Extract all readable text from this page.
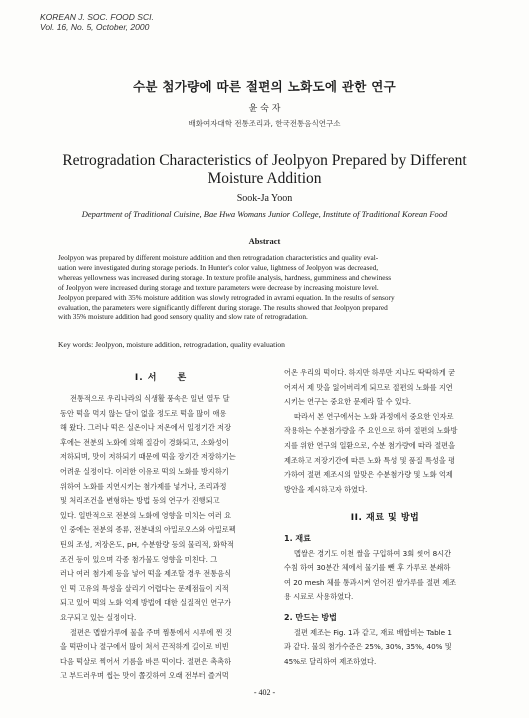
KOREAN J. SOC. FOOD SCI.
Vol. 16, No. 5, October, 2000
수분 첨가량에 따른 절편의 노화도에 관한 연구
윤 숙 자
배화여자대학 전통조리과, 한국전통음식연구소
Retrogradation Characteristics of Jeolpyon Prepared by Different
Moisture Addition
Sook-Ja Yoon
Department of Traditional Cuisine, Bae Hwa Womans Junior College, Institute of Traditional Korean Food
Abstract
Jeolpyon was prepared by different moisture addition and then retrogradation characteristics and quality eval-
uation were investigated during storage periods. In Hunter's color value, lightness of Jeolpyon was decreased,
whereas yellowness was increased during storage. In texture profile analysis, hardness, gumminess and chewiness
of Jeolpyon were increased during storage and texture parameters were decrease by increasing moisture level.
Jeolpyon prepared with 35% moisture addition was slowly retrograded in avrami equation. In the results of sensory
evaluation, the parameters were significantly different during storage. The results showed that Jeolpyon prepared
with 35% moisture addition had good sensory quality and slow rate of retrogradation.
Key words: Jeolpyon, moisture addition, retrogradation, quality evaluation
I. 서　　론
전통적으로 우리나라의 식생활 풍속은 일년 열두 달
동안 떡을 먹지 않는 달이 없을 정도로 떡을 많이 애용
해 왔다. 그러나 떡은 실온이나 저온에서 일정기간 저장
후에는 전분의 노화에 의해 질감이 경화되고, 소화성이
저하되며, 맛이 저하되기 때문에 떡을 장기간 저장하기는
어려운 실정이다. 이러한 이유로 떡의 노화를 방지하기
위하여 노화를 지연시키는 첨가제를 넣거나, 조리과정
및 처리조건을 변형하는 방법 등의 연구가 진행되고
있다. 일반적으로 전분의 노화에 영향을 미치는 여러 요
인 중에는 전분의 종류, 전분내의 아밀로오스와 아밀로펙
틴의 조성, 저장온도, pH, 수분함량 등의 물리적, 화학적
조건 등이 있으며 각종 첨가물도 영향을 미친다. 그
러나 여러 첨가제 등을 넣어 떡을 제조할 경우 전통음식
인 떡 고유의 특성을 살리기 어렵다는 문제점들이 지적
되고 있어 떡의 노화 억제 방법에 대한 실질적인 연구가
요구되고 있는 실정이다.
절편은 멥쌀가루에 물을 주며 찜통에서 시루에 찐 것
을 떡판이나 절구에서 많이 쳐서 끈적하게 길이로 비빈
다음 떡살로 찍어서 기름을 바른 떡이다. 절편은 촉촉하
고 부드러우며 씹는 맛이 쫄깃하여 오래 전부터 즐겨먹
어온 우리의 떡이다. 하지만 하루만 지나도 딱딱하게 굳
어져서 제 맛을 잃어버리게 되므로 절편의 노화를 지연
시키는 연구는 중요한 문제라 할 수 있다.
따라서 본 연구에서는 노화 과정에서 중요한 인자로
작용하는 수분첨가량을 주 요인으로 하여 절편의 노화방
지를 위한 연구의 일환으로, 수분 첨가량에 따라 절편을
제조하고 저장기간에 따른 노화 특성 및 품질 특성을 평
가하여 절편 제조시의 알맞은 수분첨가량 및 노화 억제
방안을 제시하고자 하였다.
II. 재료 및 방법
1. 재료
멥쌀은 경기도 이천 쌀을 구입하여 3회 씻어 8시간
수침 하여 30분간 체에서 물기를 뺀 후 가루로 분쇄하
여 20 mesh 체를 통과시켜 얻어진 쌀가루를 절편 제조
용 시료로 사용하였다.
2. 만드는 방법
절편 제조는 Fig. 1과 같고, 재료 배합비는 Table 1
과 같다. 물의 첨가수준은 25%, 30%, 35%, 40% 및
45%로 달리하여 제조하였다.
- 402 -
